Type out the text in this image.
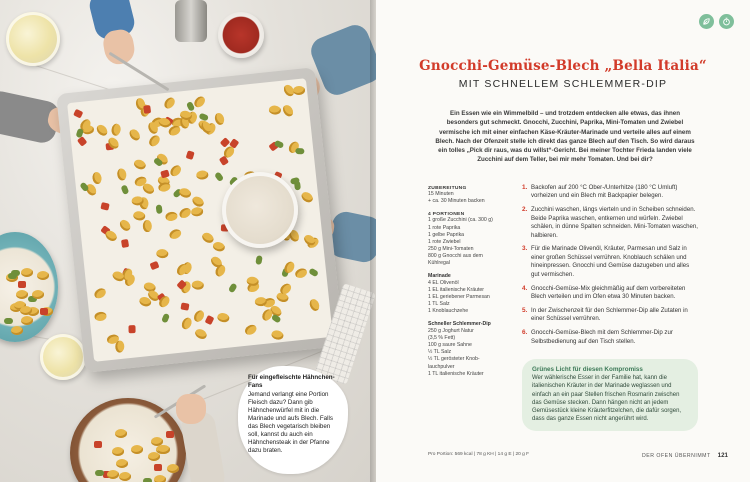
Für eingefleischte Hähnchen-Fans
Jemand verlangt eine Portion Fleisch dazu? Dann gib Hähnchenwürfel mit in die Marinade und aufs Blech. Falls das Blech vegetarisch bleiben soll, kannst du auch ein Hähnchensteak in der Pfanne dazu braten.
Gnocchi-Gemüse-Blech „Bella Italia“
MIT SCHNELLEM SCHLEMMER-DIP
Ein Essen wie ein Wimmelbild – und trotzdem entdecken alle etwas, das ihnen besonders gut schmeckt. Gnocchi, Zucchini, Paprika, Mini-Tomaten und Zwiebel vermische ich mit einer einfachen Käse-Kräuter-Marinade und verteile alles auf einem Blech. Nach der Ofenzeit stelle ich direkt das ganze Blech auf den Tisch. So wird daraus ein tolles „Pick dir raus, was du willst“-Gericht. Bei meiner Tochter Frieda landen viele Zucchini auf dem Teller, bei mir mehr Tomaten. Und bei dir?
ZUBEREITUNG
15 Minuten
+ ca. 30 Minuten backen
4 PORTIONEN
1 große Zucchini (ca. 300 g)
1 rote Paprika
1 gelbe Paprika
1 rote Zwiebel
250 g Mini-Tomaten
800 g Gnocchi aus dem
Kühlregal
Marinade
4 EL Olivenöl
1 EL italienische Kräuter
1 EL geriebener Parmesan
1 TL Salz
1 Knoblauchzehe
Schneller Schlemmer-Dip
250 g Joghurt Natur
(3,5 % Fett)
100 g saure Sahne
½ TL Salz
½ TL gerösteter Knob-
lauchpulver
1 TL italienische Kräuter
1. Backofen auf 200 °C Ober-/Unterhitze (180 °C Umluft) vorheizen und ein Blech mit Backpapier belegen.
2. Zucchini waschen, längs vierteln und in Scheiben schneiden. Beide Paprika waschen, entkernen und würfeln. Zwiebel schälen, in dünne Spalten schneiden. Mini-Tomaten waschen, halbieren.
3. Für die Marinade Olivenöl, Kräuter, Parmesan und Salz in einer großen Schüssel verrühren. Knoblauch schälen und hineinpressen. Gnocchi und Gemüse dazugeben und alles gut vermischen.
4. Gnocchi-Gemüse-Mix gleichmäßig auf dem vorbereiteten Blech verteilen und im Ofen etwa 30 Minuten backen.
5. In der Zwischenzeit für den Schlemmer-Dip alle Zutaten in einer Schüssel verrühren.
6. Gnocchi-Gemüse-Blech mit dem Schlemmer-Dip zur Selbstbedienung auf den Tisch stellen.
Grünes Licht für diesen Kompromiss
Wer wählerische Esser in der Familie hat, kann die italienischen Kräuter in der Marinade weglassen und einfach an ein paar Stellen frischen Rosmarin zwischen das Gemüse stecken. Dann hängen nicht an jedem Gemüsestück kleine Kräuterfitzelchen, die dafür sorgen, dass das ganze Essen nicht angerührt wird.
Pro Portion: 569 kcal | 78 g KH | 14 g E | 20 g F	DER OFEN ÜBERNIMMT 121
